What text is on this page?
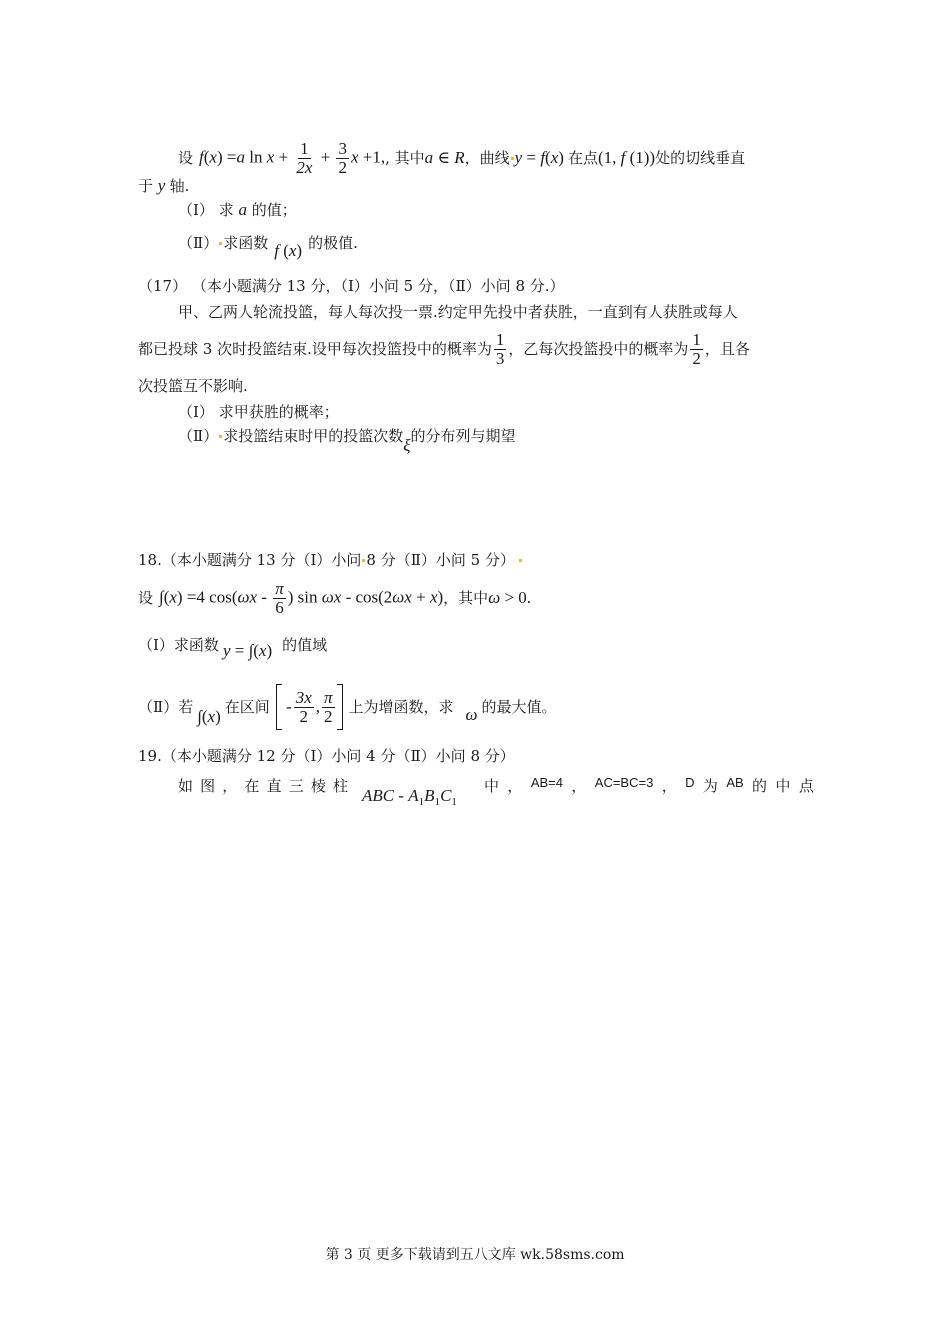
设 f(x) =a $\ln x + \frac{1}{2x} + \frac{3}{2}$ x +1, , 其中 a ∈ R ，曲线 y = f(x) 在点 (1, f (1)) 处的切线垂直
于 y 轴.
（Ⅰ） 求 a 的值；
（Ⅱ） 求函数 f (x) 的极值.
（17） （本小题满分 13 分，（Ⅰ）小问 5 分，（Ⅱ）小问 8 分.）
甲、乙两人轮流投篮，每人每次投一票.约定甲先投中者获胜，一直到有人获胜或每人
都已投球 3 次时投篮结束.设甲每次投篮投中的概率为 $\frac{1}{3}$ ，乙每次投篮投中的概率为 $\frac{1}{2}$ ，且各
次投篮互不影响.
（Ⅰ） 求甲获胜的概率；
（Ⅱ） 求投篮结束时甲的投篮次数 ξ 的分布列与期望
18.（本小题满分 13 分（Ⅰ）小问 8 分（Ⅱ）小问 5 分）
设 ∫(x) =4 $\cos(\omega x - \frac{\pi}{6}$ ) sin ωx - cos(2ωx + x) ，其中 ω > 0.
（Ⅰ）求函数 y = ∫(x) 的值域
（Ⅱ）若 ∫(x) 在区间 - $\frac{3x}{2}$ , $\frac{\pi}{2}$ 上为增函数，求 ω 的最大值。
19.（本小题满分 12 分（Ⅰ）小问 4 分（Ⅱ）小问 8 分）
如 图 ， 在 直 三 棱 柱 ABC - $A_1B_1C_1$
中 ， AB=4 ， AC=BC=3 ， D 为 AB 的 中 点
第 3 页 更多下载请到五八文库 wk.58sms.com
